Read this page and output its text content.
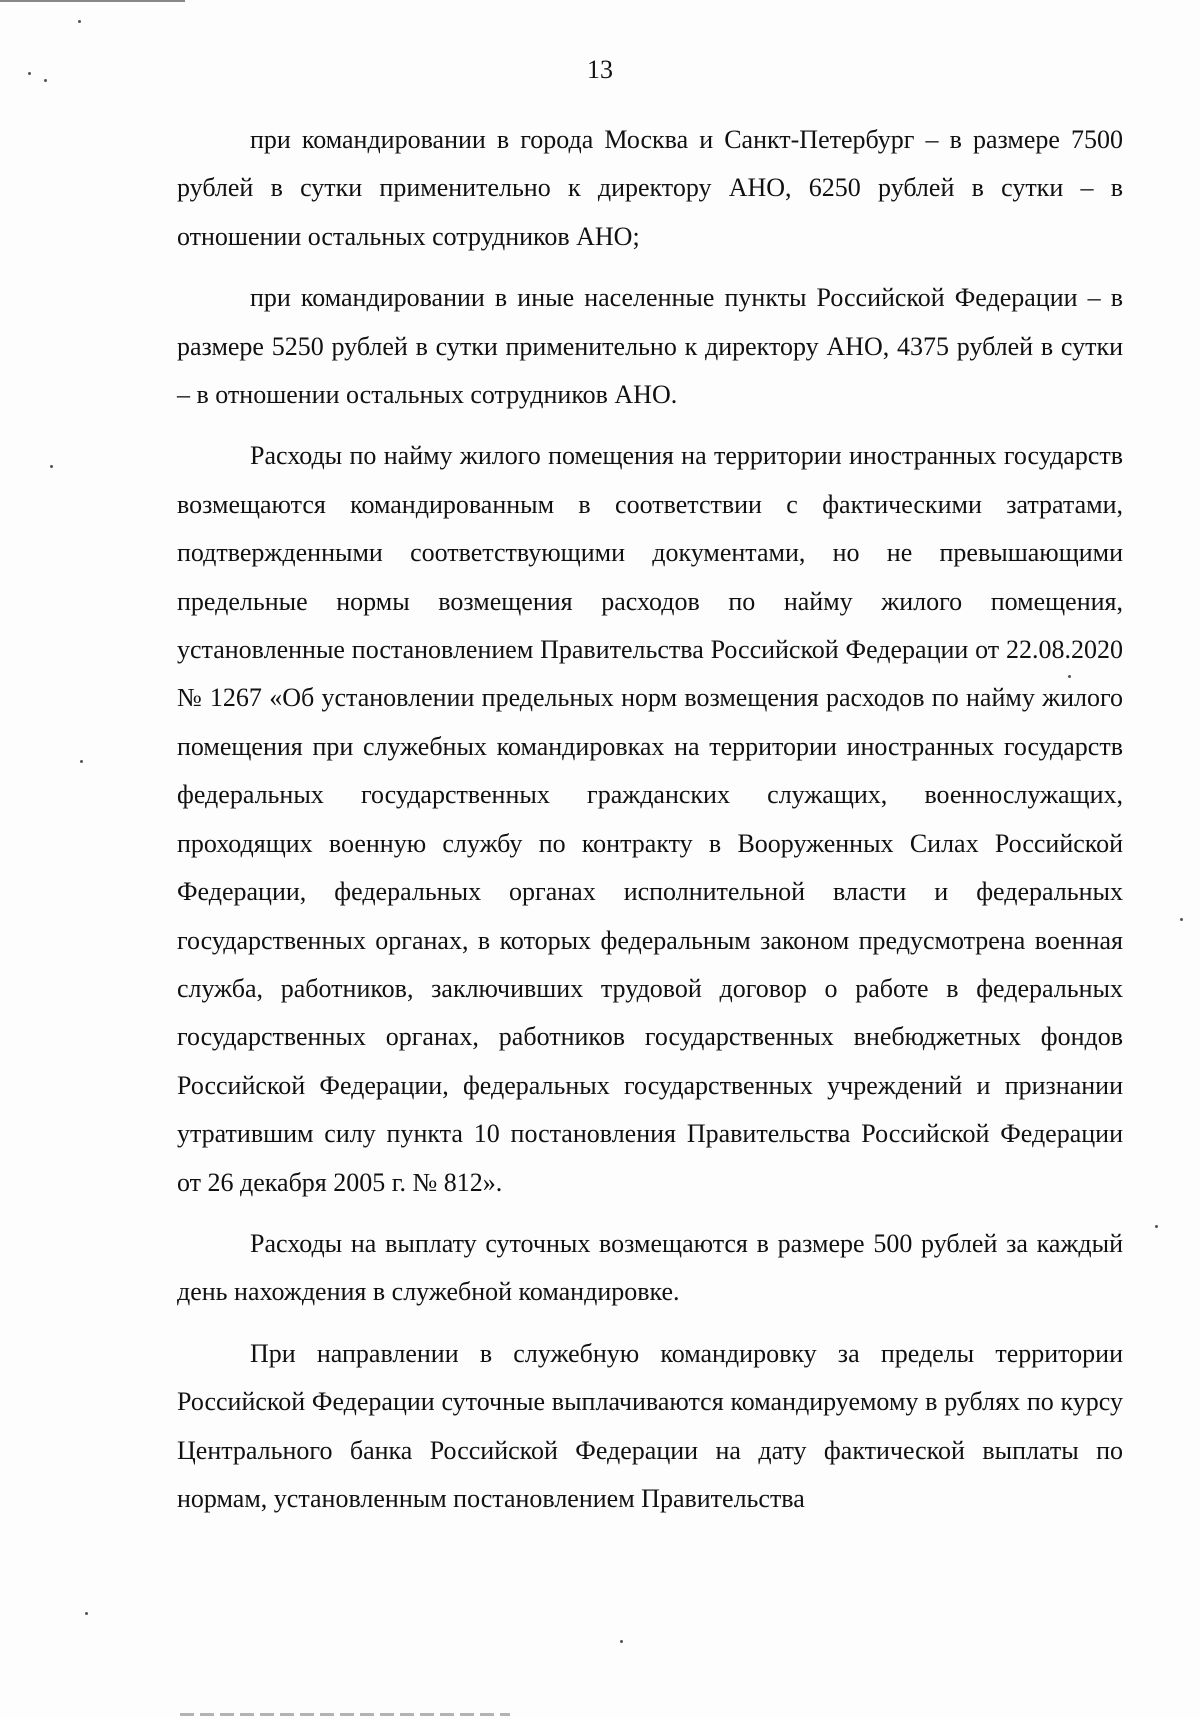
13

при командировании в города Москва и Санкт-Петербург – в размере 7500 рублей в сутки применительно к директору АНО, 6250 рублей в сутки – в отношении остальных сотрудников АНО;

при командировании в иные населенные пункты Российской Федерации – в размере 5250 рублей в сутки применительно к директору АНО, 4375 рублей в сутки – в отношении остальных сотрудников АНО.

Расходы по найму жилого помещения на территории иностранных государств возмещаются командированным в соответствии с фактическими затратами, подтвержденными соответствующими документами, но не превышающими предельные нормы возмещения расходов по найму жилого помещения, установленные постановлением Правительства Российской Федерации от 22.08.2020 № 1267 «Об установлении предельных норм возмещения расходов по найму жилого помещения при служебных командировках на территории иностранных государств федеральных государственных гражданских служащих, военнослужащих, проходящих военную службу по контракту в Вооруженных Силах Российской Федерации, федеральных органах исполнительной власти и федеральных государственных органах, в которых федеральным законом предусмотрена военная служба, работников, заключивших трудовой договор о работе в федеральных государственных органах, работников государственных внебюджетных фондов Российской Федерации, федеральных государственных учреждений и признании утратившим силу пункта 10 постановления Правительства Российской Федерации от 26 декабря 2005 г. № 812».

Расходы на выплату суточных возмещаются в размере 500 рублей за каждый день нахождения в служебной командировке.

При направлении в служебную командировку за пределы территории Российской Федерации суточные выплачиваются командируемому в рублях по курсу Центрального банка Российской Федерации на дату фактической выплаты по нормам, установленным постановлением Правительства
